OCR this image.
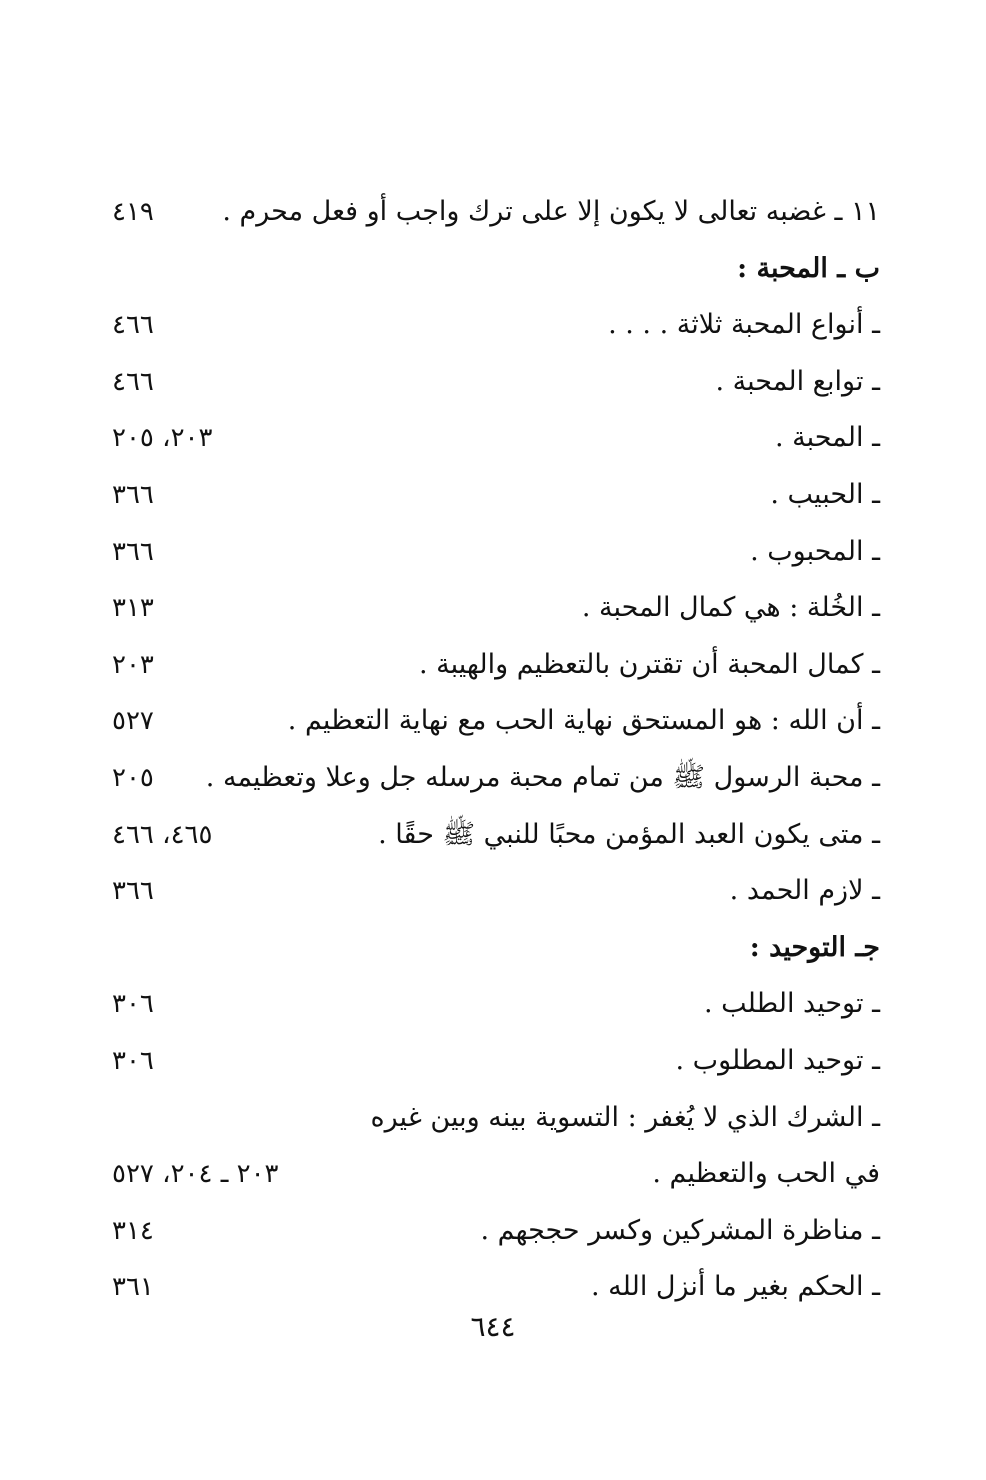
١١ ـ غضبه تعالى لا يكون إلا على ترك واجب أو فعل محرم .
٤١٩
ب ـ المحبة :
ـ أنواع المحبة ثلاثة . . . .
٤٦٦
ـ توابع المحبة .
٤٦٦
ـ المحبة .
٢٠٣، ٢٠٥
ـ الحبيب .
٣٦٦
ـ المحبوب .
٣٦٦
ـ الخُلة : هي كمال المحبة .
٣١٣
ـ كمال المحبة أن تقترن بالتعظيم والهيبة .
٢٠٣
ـ أن الله : هو المستحق نهاية الحب مع نهاية التعظيم .
٥٢٧
ـ محبة الرسول ﷺ من تمام محبة مرسله جل وعلا وتعظيمه .
٢٠٥
ـ متى يكون العبد المؤمن محبًا للنبي ﷺ حقًا .
٤٦٥، ٤٦٦
ـ لازم الحمد .
٣٦٦
جـ التوحيد :
ـ توحيد الطلب .
٣٠٦
ـ توحيد المطلوب .
٣٠٦
ـ الشرك الذي لا يُغفر : التسوية بينه وبين غيره
في الحب والتعظيم .
٢٠٣ ـ ٢٠٤، ٥٢٧
ـ مناظرة المشركين وكسر حججهم .
٣١٤
ـ الحكم بغير ما أنزل الله .
٣٦١
٦٤٤
